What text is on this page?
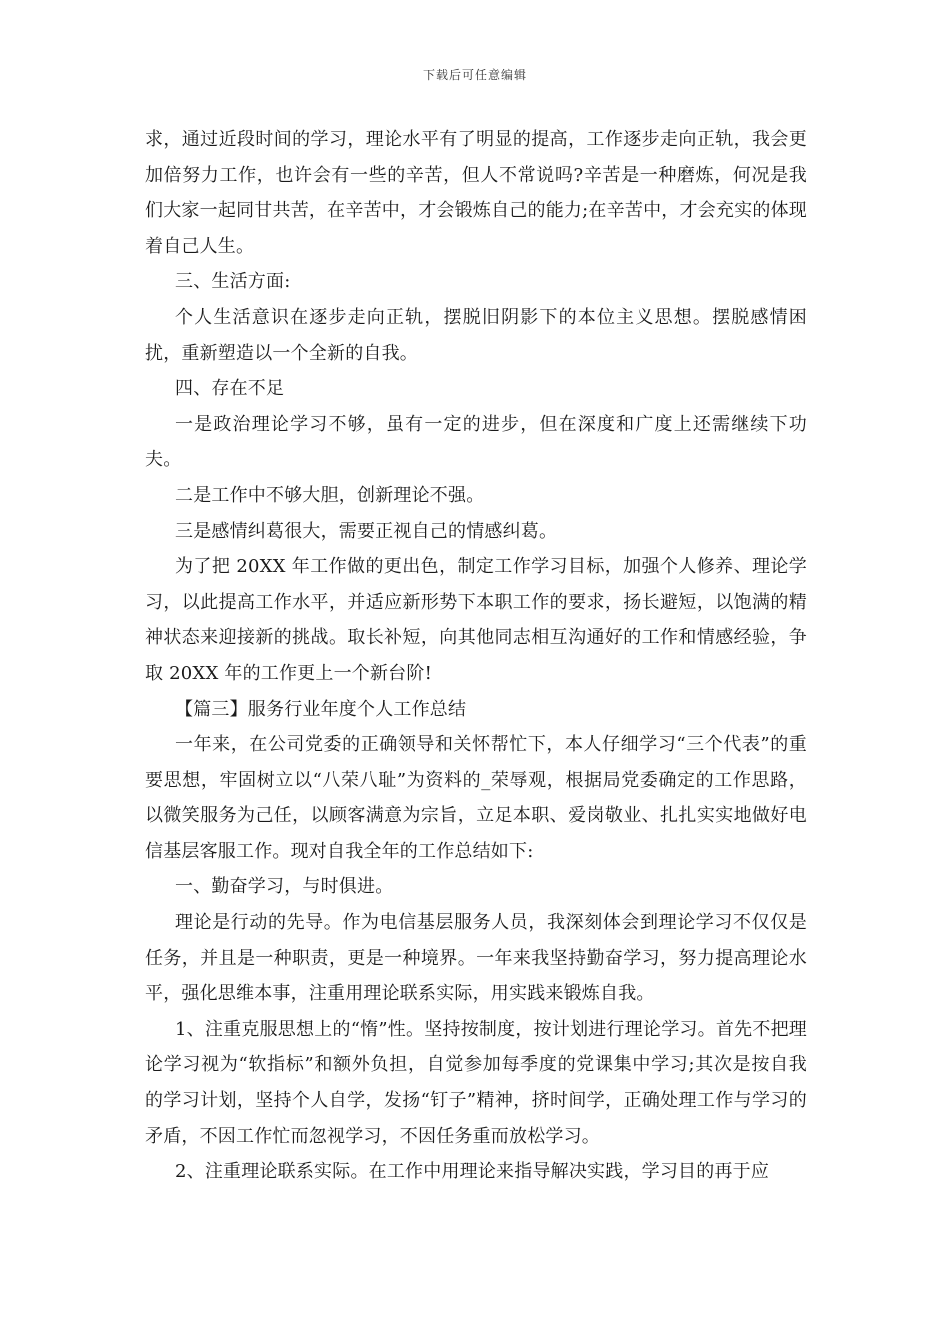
下载后可任意编辑

求，通过近段时间的学习，理论水平有了明显的提高，工作逐步走向正轨，我会更加倍努力工作，也许会有一些的辛苦，但人不常说吗?辛苦是一种磨炼，何况是我们大家一起同甘共苦，在辛苦中，才会锻炼自己的能力;在辛苦中，才会充实的体现着自己人生。

三、生活方面:

个人生活意识在逐步走向正轨，摆脱旧阴影下的本位主义思想。摆脱感情困扰，重新塑造以一个全新的自我。

四、存在不足

一是政治理论学习不够，虽有一定的进步，但在深度和广度上还需继续下功夫。

二是工作中不够大胆，创新理论不强。

三是感情纠葛很大，需要正视自己的情感纠葛。

为了把 20XX 年工作做的更出色，制定工作学习目标，加强个人修养、理论学习，以此提高工作水平，并适应新形势下本职工作的要求，扬长避短，以饱满的精神状态来迎接新的挑战。取长补短，向其他同志相互沟通好的工作和情感经验，争取 20XX 年的工作更上一个新台阶!

【篇三】服务行业年度个人工作总结

一年来，在公司党委的正确领导和关怀帮忙下，本人仔细学习“三个代表”的重要思想，牢固树立以“八荣八耻”为资料的_荣辱观，根据局党委确定的工作思路，以微笑服务为己任，以顾客满意为宗旨，立足本职、爱岗敬业、扎扎实实地做好电信基层客服工作。现对自我全年的工作总结如下:

一、勤奋学习，与时俱进。

理论是行动的先导。作为电信基层服务人员，我深刻体会到理论学习不仅仅是任务，并且是一种职责，更是一种境界。一年来我坚持勤奋学习，努力提高理论水平，强化思维本事，注重用理论联系实际，用实践来锻炼自我。

1、注重克服思想上的“惰”性。坚持按制度，按计划进行理论学习。首先不把理论学习视为“软指标”和额外负担，自觉参加每季度的党课集中学习;其次是按自我的学习计划，坚持个人自学，发扬“钉子”精神，挤时间学，正确处理工作与学习的矛盾，不因工作忙而忽视学习，不因任务重而放松学习。

2、注重理论联系实际。在工作中用理论来指导解决实践，学习目的再于应
